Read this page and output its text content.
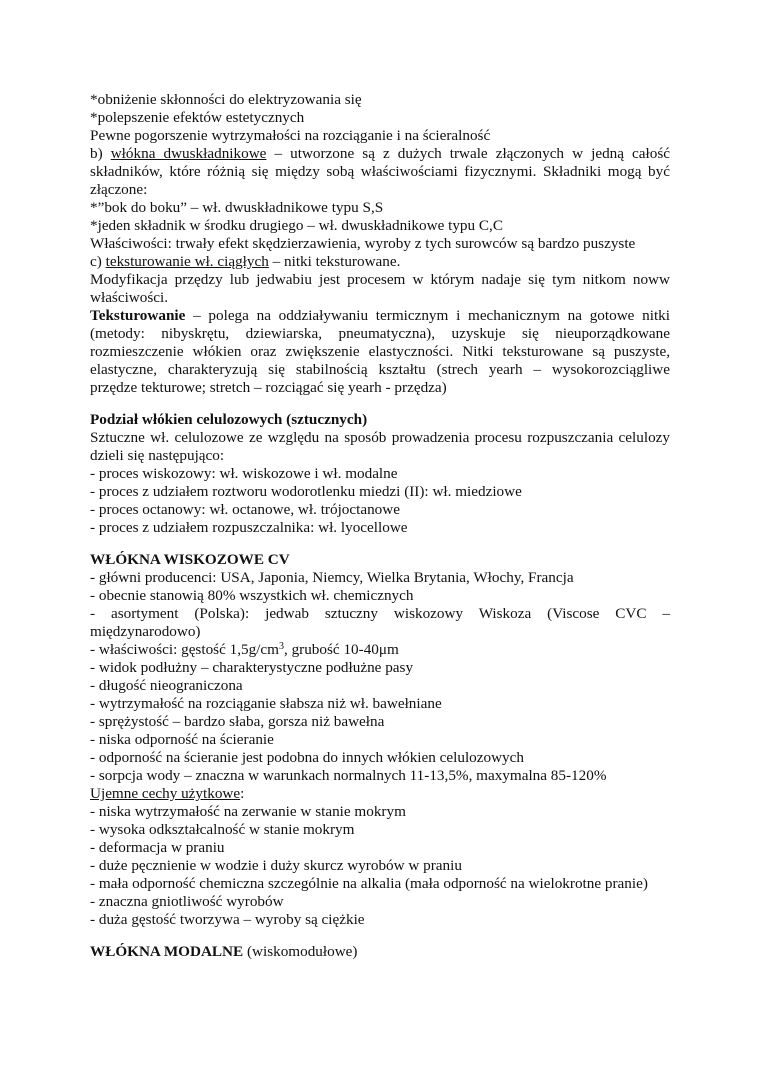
*obniżenie skłonności do elektryzowania się
*polepszenie efektów estetycznych
Pewne pogorszenie wytrzymałości na rozciąganie i na ścieralność
b) włókna dwuskładnikowe – utworzone są z dużych trwale złączonych w jedną całość
składników, które różnią się między sobą właściwościami fizycznymi. Składniki mogą być
złączone:
*”bok do boku” – wł. dwuskładnikowe typu S,S
*jeden składnik w środku drugiego – wł. dwuskładnikowe typu C,C
Właściwości: trwały efekt skędzierzawienia, wyroby z tych surowców są bardzo puszyste
c) teksturowanie wł. ciągłych – nitki teksturowane.
Modyfikacja przędzy lub jedwabiu jest procesem w którym nadaje się tym nitkom noww
właściwości.
Teksturowanie – polega na oddziaływaniu termicznym i mechanicznym na gotowe nitki
(metody: nibyskrętu, dziewiarska, pneumatyczna), uzyskuje się nieuporządkowane
rozmieszczenie włókien oraz zwiększenie elastyczności. Nitki teksturowane są puszyste,
elastyczne, charakteryzują się stabilnością kształtu (strech yearh – wysokorozciągliwe
przędze tekturowe; stretch – rozciągać się yearh - przędza)
Podział włókien celulozowych (sztucznych)
Sztuczne wł. celulozowe ze względu na sposób prowadzenia procesu rozpuszczania celulozy
dzieli się następująco:
- proces wiskozowy: wł. wiskozowe i wł. modalne
- proces z udziałem roztworu wodorotlenku miedzi (II): wł. miedziowe
- proces octanowy: wł. octanowe, wł. trójoctanowe
- proces z udziałem rozpuszczalnika: wł. lyocellowe
WŁÓKNA WISKOZOWE CV
- główni producenci: USA, Japonia, Niemcy, Wielka Brytania, Włochy, Francja
- obecnie stanowią 80% wszystkich wł. chemicznych
- asortyment (Polska): jedwab sztuczny wiskozowy Wiskoza (Viscose CVC –
międzynarodowo)
- właściwości: gęstość $1,5g/cm^3$, grubość 10-40μm
- widok podłużny – charakterystyczne podłużne pasy
- długość nieograniczona
- wytrzymałość na rozciąganie słabsza niż wł. bawełniane
- sprężystość – bardzo słaba, gorsza niż bawełna
- niska odporność na ścieranie
- odporność na ścieranie jest podobna do innych włókien celulozowych
- sorpcja wody – znaczna w warunkach normalnych 11-13,5%, maxymalna 85-120%
Ujemne cechy użytkowe:
- niska wytrzymałość na zerwanie w stanie mokrym
- wysoka odkształcalność w stanie mokrym
- deformacja w praniu
- duże pęcznienie w wodzie i duży skurcz wyrobów w praniu
- mała odporność chemiczna szczególnie na alkalia (mała odporność na wielokrotne pranie)
- znaczna gniotliwość wyrobów
- duża gęstość tworzywa – wyroby są ciężkie
WŁÓKNA MODALNE (wiskomodułowe)
